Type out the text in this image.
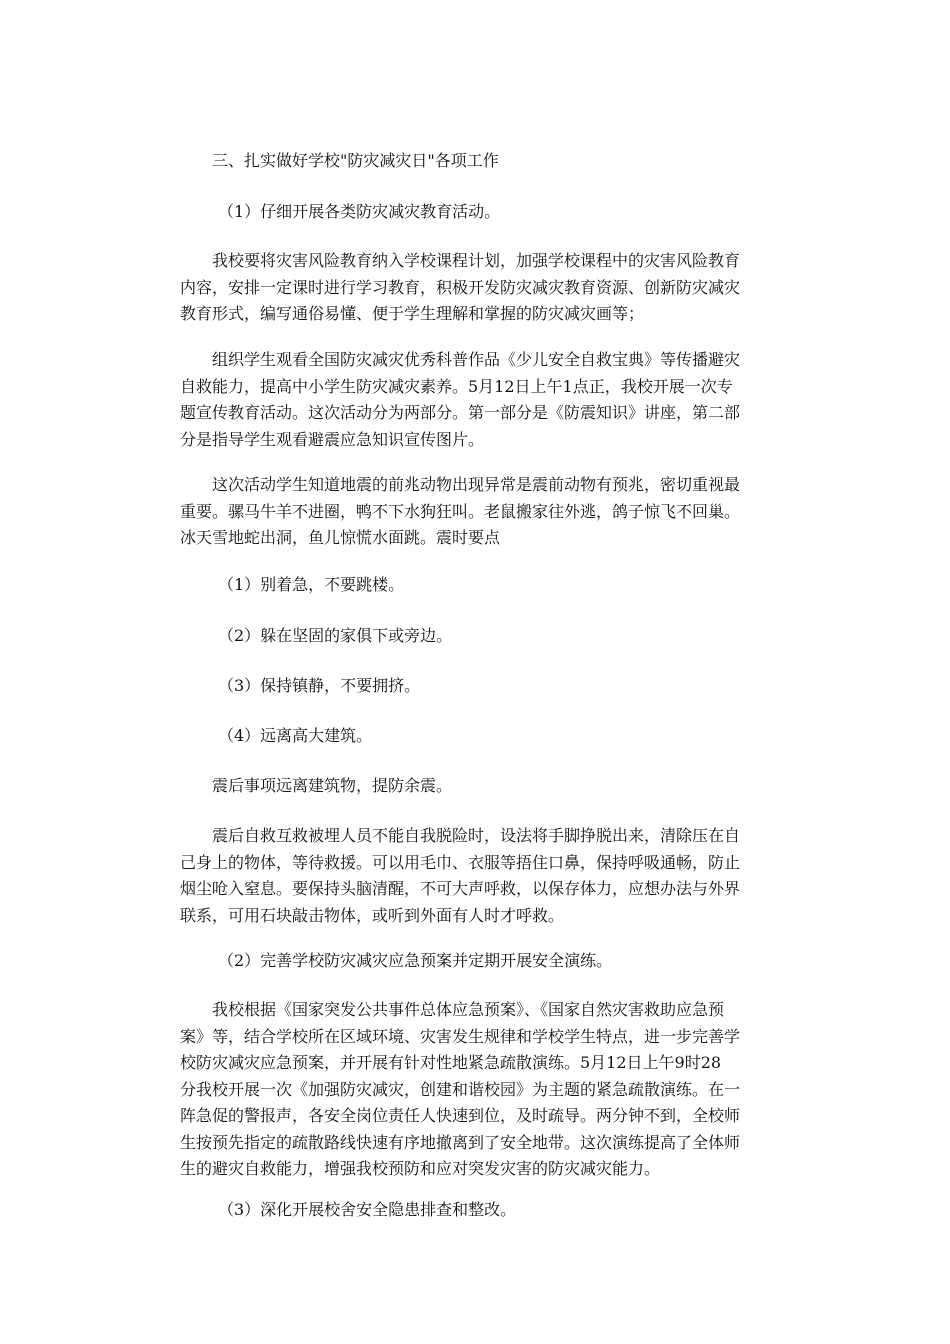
三、扎实做好学校"防灾减灾日"各项工作

（1）仔细开展各类防灾减灾教育活动。

我校要将灾害风险教育纳入学校课程计划，加强学校课程中的灾害风险教育
内容，安排一定课时进行学习教育，积极开发防灾减灾教育资源、创新防灾减灾
教育形式，编写通俗易懂、便于学生理解和掌握的防灾减灾画等；

组织学生观看全国防灾减灾优秀科普作品《少儿安全自救宝典》等传播避灾
自救能力，提高中小学生防灾减灾素养。5月12日上午1点正，我校开展一次专
题宣传教育活动。这次活动分为两部分。第一部分是《防震知识》讲座，第二部
分是指导学生观看避震应急知识宣传图片。

这次活动学生知道地震的前兆动物出现异常是震前动物有预兆，密切重视最
重要。骡马牛羊不进圈，鸭不下水狗狂叫。老鼠搬家往外逃，鸽子惊飞不回巢。
冰天雪地蛇出洞，鱼儿惊慌水面跳。震时要点

（1）别着急，不要跳楼。

（2）躲在坚固的家俱下或旁边。

（3）保持镇静，不要拥挤。

（4）远离高大建筑。

震后事项远离建筑物，提防余震。

震后自救互救被埋人员不能自我脱险时，设法将手脚挣脱出来，清除压在自
己身上的物体，等待救援。可以用毛巾、衣服等捂住口鼻，保持呼吸通畅，防止
烟尘呛入窒息。要保持头脑清醒，不可大声呼救，以保存体力，应想办法与外界
联系，可用石块敲击物体，或听到外面有人时才呼救。

（2）完善学校防灾减灾应急预案并定期开展安全演练。

我校根据《国家突发公共事件总体应急预案》、《国家自然灾害救助应急预
案》等，结合学校所在区域环境、灾害发生规律和学校学生特点，进一步完善学
校防灾减灾应急预案，并开展有针对性地紧急疏散演练。5月12日上午9时28
分我校开展一次《加强防灾减灾，创建和谐校园》为主题的紧急疏散演练。在一
阵急促的警报声，各安全岗位责任人快速到位，及时疏导。两分钟不到，全校师
生按预先指定的疏散路线快速有序地撤离到了安全地带。这次演练提高了全体师
生的避灾自救能力，增强我校预防和应对突发灾害的防灾减灾能力。

（3）深化开展校舍安全隐患排查和整改。
